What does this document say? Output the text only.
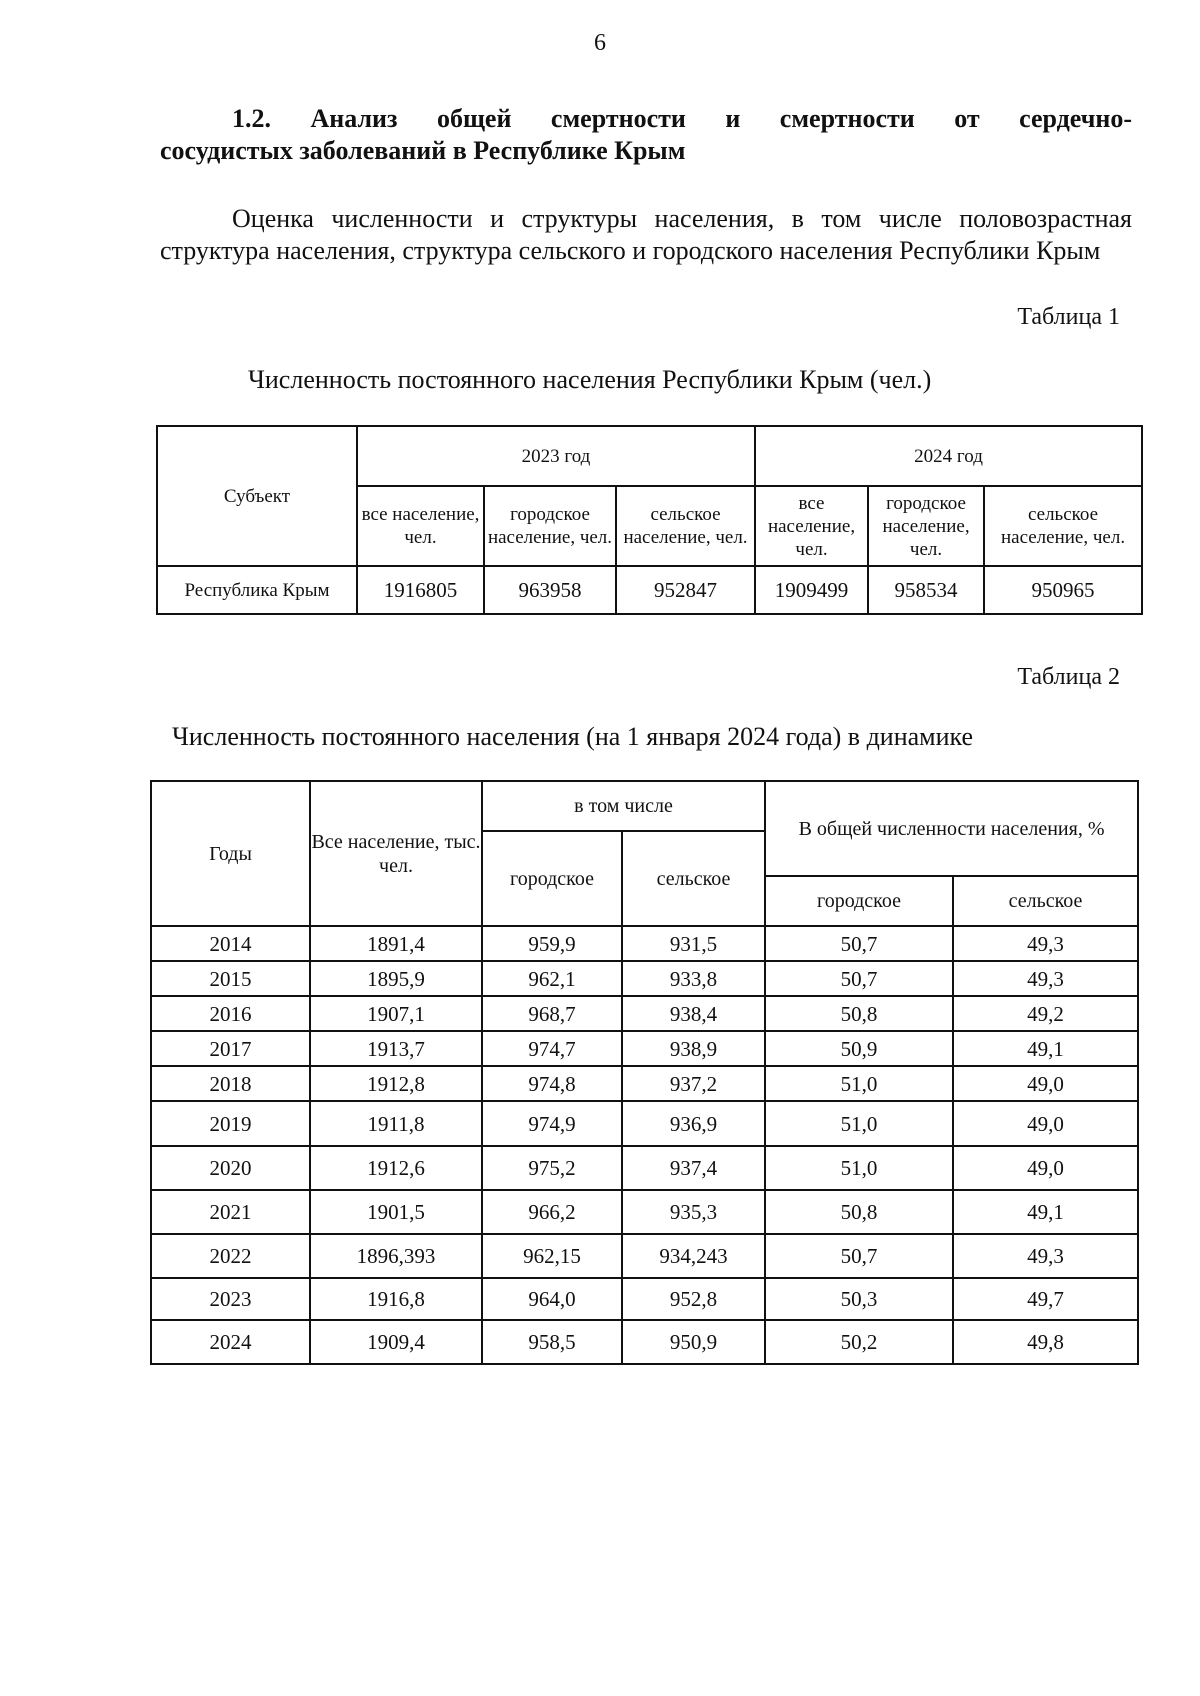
6
1.2. Анализ общей смертности и смертности от сердечно-
сосудистых заболеваний в Республике Крым
Оценка численности и структуры населения, в том числе половозрастная структура населения, структура сельского и городского населения Республики Крым
Таблица 1
Численность постоянного населения Республики Крым (чел.)
Субъект	2023 год			2024 год		
	все население, чел.	городское население, чел.	сельское население, чел.	все население, чел.	городское население, чел.	сельское население, чел.
Республика Крым	1916805	963958	952847	1909499	958534	950965
Таблица 2
Численность постоянного населения (на 1 января 2024 года) в динамике
Годы	Все население, тыс. чел.	в том числе		В общей численности населения, %	
		городское	сельское		
				городское	сельское
2014	1891,4	959,9	931,5	50,7	49,3
2015	1895,9	962,1	933,8	50,7	49,3
2016	1907,1	968,7	938,4	50,8	49,2
2017	1913,7	974,7	938,9	50,9	49,1
2018	1912,8	974,8	937,2	51,0	49,0
2019	1911,8	974,9	936,9	51,0	49,0
2020	1912,6	975,2	937,4	51,0	49,0
2021	1901,5	966,2	935,3	50,8	49,1
2022	1896,393	962,15	934,243	50,7	49,3
2023	1916,8	964,0	952,8	50,3	49,7
2024	1909,4	958,5	950,9	50,2	49,8
